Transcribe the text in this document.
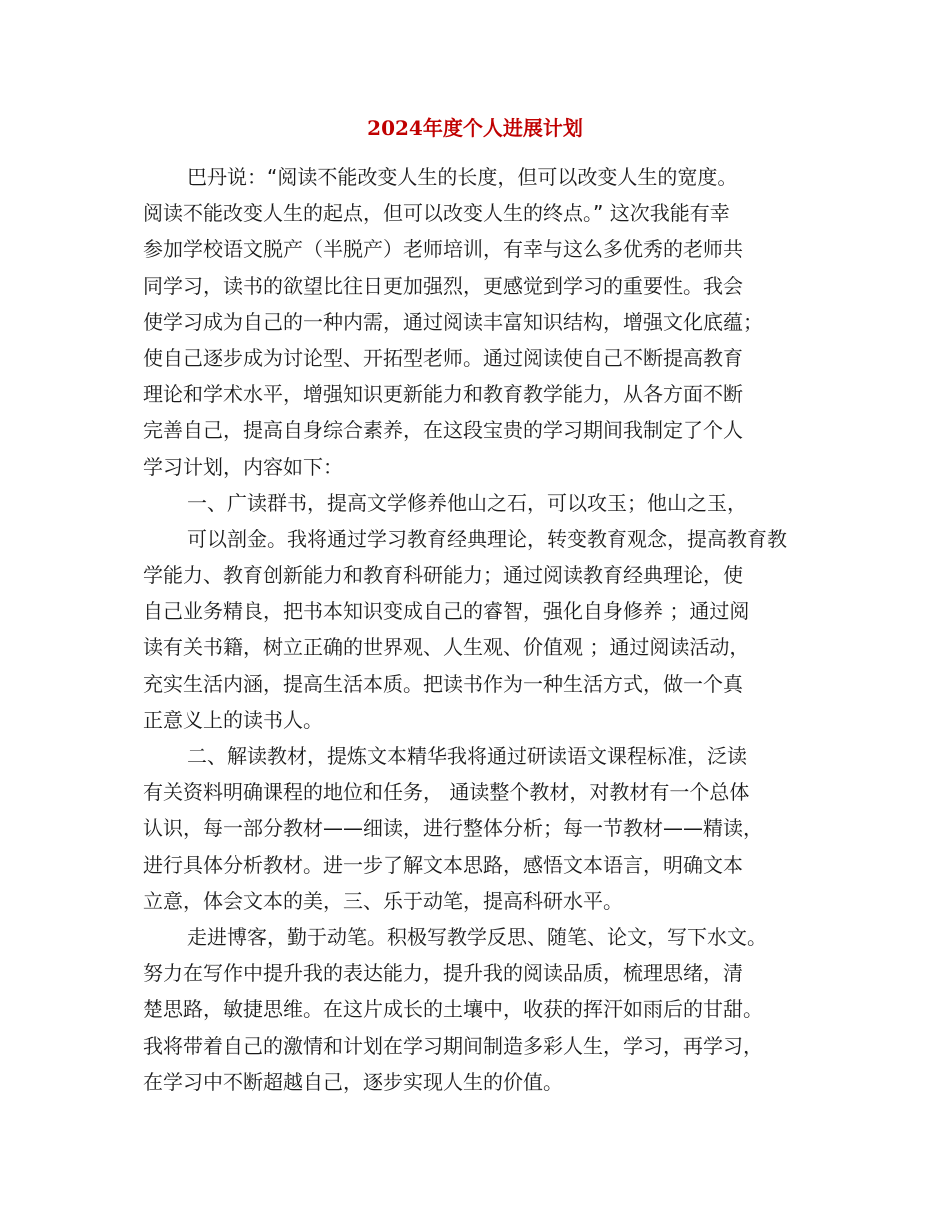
2024年度个人进展计划
巴丹说：“阅读不能改变人生的长度，但可以改变人生的宽度。
阅读不能改变人生的起点，但可以改变人生的终点。” 这次我能有幸
参加学校语文脱产（半脱产）老师培训，有幸与这么多优秀的老师共
同学习，读书的欲望比往日更加强烈，更感觉到学习的重要性。我会
使学习成为自己的一种内需，通过阅读丰富知识结构，增强文化底蕴；
使自己逐步成为讨论型、开拓型老师。通过阅读使自己不断提高教育
理论和学术水平，增强知识更新能力和教育教学能力，从各方面不断
完善自己，提高自身综合素养，在这段宝贵的学习期间我制定了个人
学习计划，内容如下：
一、广读群书，提高文学修养他山之石，可以攻玉；他山之玉，
可以剖金。我将通过学习教育经典理论，转变教育观念，提高教育教
学能力、教育创新能力和教育科研能力；通过阅读教育经典理论，使
自己业务精良，把书本知识变成自己的睿智，强化自身修养 ；通过阅
读有关书籍，树立正确的世界观、人生观、价值观 ；通过阅读活动，
充实生活内涵，提高生活本质。把读书作为一种生活方式，做一个真
正意义上的读书人。
二、解读教材，提炼文本精华我将通过研读语文课程标准，泛读
有关资料明确课程的地位和任务， 通读整个教材，对教材有一个总体
认识，每一部分教材——细读，进行整体分析；每一节教材——精读，
进行具体分析教材。进一步了解文本思路，感悟文本语言，明确文本
立意，体会文本的美，三、乐于动笔，提高科研水平。
走进博客，勤于动笔。积极写教学反思、随笔、论文，写下水文。
努力在写作中提升我的表达能力，提升我的阅读品质，梳理思绪，清
楚思路，敏捷思维。在这片成长的土壤中，收获的挥汗如雨后的甘甜。
我将带着自己的激情和计划在学习期间制造多彩人生，学习，再学习，
在学习中不断超越自己，逐步实现人生的价值。
